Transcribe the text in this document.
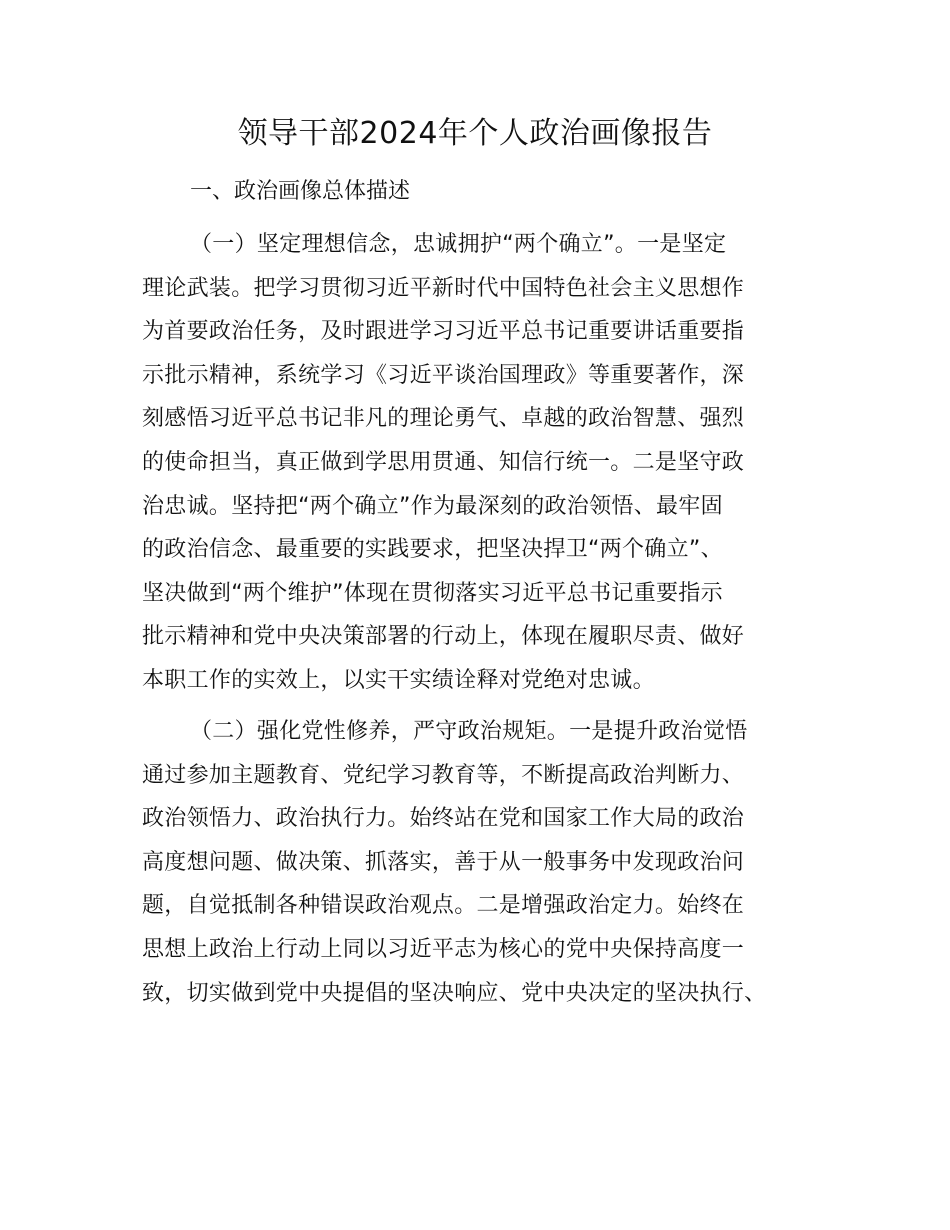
领导干部2024年个人政治画像报告
一、政治画像总体描述

（一）坚定理想信念，忠诚拥护“两个确立”。一是坚定
理论武装。把学习贯彻习近平新时代中国特色社会主义思想作
为首要政治任务，及时跟进学习习近平总书记重要讲话重要指
示批示精神，系统学习《习近平谈治国理政》等重要著作，深
刻感悟习近平总书记非凡的理论勇气、卓越的政治智慧、强烈
的使命担当，真正做到学思用贯通、知信行统一。二是坚守政
治忠诚。坚持把“两个确立”作为最深刻的政治领悟、最牢固
的政治信念、最重要的实践要求，把坚决捍卫“两个确立”、
坚决做到“两个维护”体现在贯彻落实习近平总书记重要指示
批示精神和党中央决策部署的行动上，体现在履职尽责、做好
本职工作的实效上，以实干实绩诠释对党绝对忠诚。

（二）强化党性修养，严守政治规矩。一是提升政治觉悟
通过参加主题教育、党纪学习教育等，不断提高政治判断力、
政治领悟力、政治执行力。始终站在党和国家工作大局的政治
高度想问题、做决策、抓落实，善于从一般事务中发现政治问
题，自觉抵制各种错误政治观点。二是增强政治定力。始终在
思想上政治上行动上同以习近平志为核心的党中央保持高度一
致，切实做到党中央提倡的坚决响应、党中央决定的坚决执行、
